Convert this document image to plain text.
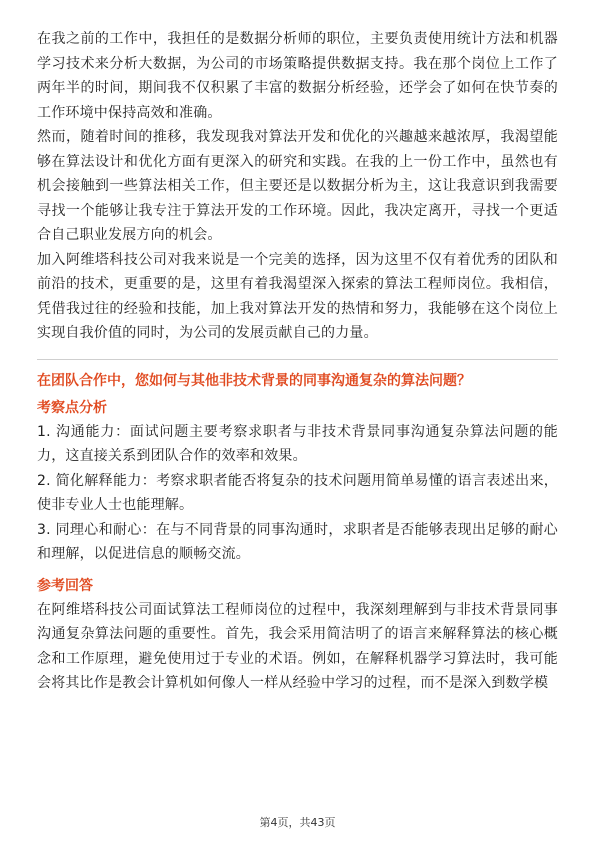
在我之前的工作中，我担任的是数据分析师的职位，主要负责使用统计方法和机器学习技术来分析大数据，为公司的市场策略提供数据支持。我在那个岗位上工作了两年半的时间，期间我不仅积累了丰富的数据分析经验，还学会了如何在快节奏的工作环境中保持高效和准确。

然而，随着时间的推移，我发现我对算法开发和优化的兴趣越来越浓厚，我渴望能够在算法设计和优化方面有更深入的研究和实践。在我的上一份工作中，虽然也有机会接触到一些算法相关工作，但主要还是以数据分析为主，这让我意识到我需要寻找一个能够让我专注于算法开发的工作环境。因此，我决定离开，寻找一个更适合自己职业发展方向的机会。

加入阿维塔科技公司对我来说是一个完美的选择，因为这里不仅有着优秀的团队和前沿的技术，更重要的是，这里有着我渴望深入探索的算法工程师岗位。我相信，凭借我过往的经验和技能，加上我对算法开发的热情和努力，我能够在这个岗位上实现自我价值的同时，为公司的发展贡献自己的力量。

在团队合作中，您如何与其他非技术背景的同事沟通复杂的算法问题？

考察点分析

1. 沟通能力：面试问题主要考察求职者与非技术背景同事沟通复杂算法问题的能力，这直接关系到团队合作的效率和效果。

2. 简化解释能力：考察求职者能否将复杂的技术问题用简单易懂的语言表述出来，使非专业人士也能理解。

3. 同理心和耐心：在与不同背景的同事沟通时，求职者是否能够表现出足够的耐心和理解，以促进信息的顺畅交流。

参考回答

在阿维塔科技公司面试算法工程师岗位的过程中，我深刻理解到与非技术背景同事沟通复杂算法问题的重要性。首先，我会采用简洁明了的语言来解释算法的核心概念和工作原理，避免使用过于专业的术语。例如，在解释机器学习算法时，我可能会将其比作是教会计算机如何像人一样从经验中学习的过程，而不是深入到数学模

第4页，共43页
